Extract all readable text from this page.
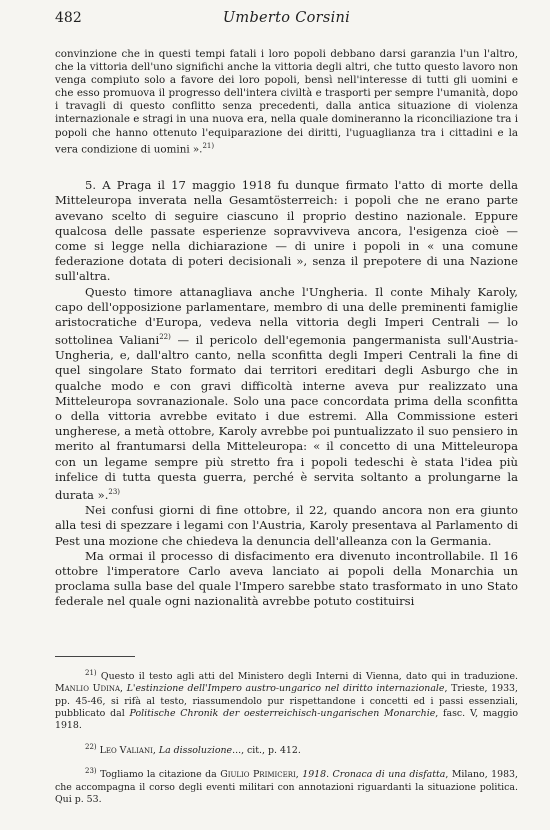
482	Umberto Corsini
convinzione che in questi tempi fatali i loro popoli debbano darsi garanzia l'un l'altro, che la vittoria dell'uno significhi anche la vittoria degli altri, che tutto questo lavoro non venga compiuto solo a favore dei loro popoli, bensì nell'interesse di tutti gli uomini e che esso promuova il progresso dell'intera civiltà e trasporti per sempre l'umanità, dopo i travagli di questo conflitto senza precedenti, dalla antica situazione di violenza internazionale e stragi in una nuova era, nella quale domineranno la riconciliazione tra i popoli che hanno ottenuto l'equiparazione dei diritti, l'uguaglianza tra i cittadini e la vera condizione di uomini ».$^{21)}$

5. A Praga il 17 maggio 1918 fu dunque firmato l'atto di morte della Mitteleuropa inverata nella Gesamtösterreich: i popoli che ne erano parte avevano scelto di seguire ciascuno il proprio destino nazionale. Eppure qualcosa delle passate esperienze sopravviveva ancora, l'esigenza cioè — come si legge nella dichiarazione — di unire i popoli in « una comune federazione dotata di poteri decisionali », senza il prepotere di una Nazione sull'altra.

Questo timore attanagliava anche l'Ungheria. Il conte Mihaly Karoly, capo dell'opposizione parlamentare, membro di una delle preminenti famiglie aristocratiche d'Europa, vedeva nella vittoria degli Imperi Centrali — lo sottolinea Valiani$^{22)}$ — il pericolo dell'egemonia pangermanista sull'Austria-Ungheria, e, dall'altro canto, nella sconfitta degli Imperi Centrali la fine di quel singolare Stato formato dai territori ereditari degli Asburgo che in qualche modo e con gravi difficoltà interne aveva pur realizzato una Mitteleuropa sovranazionale. Solo una pace concordata prima della sconfitta o della vittoria avrebbe evitato i due estremi. Alla Commissione esteri ungherese, a metà ottobre, Karoly avrebbe poi puntualizzato il suo pensiero in merito al frantumarsi della Mitteleuropa: « il concetto di una Mitteleuropa con un legame sempre più stretto fra i popoli tedeschi è stata l'idea più infelice di tutta questa guerra, perché è servita soltanto a prolungarne la durata ».$^{23)}$

Nei confusi giorni di fine ottobre, il 22, quando ancora non era giunto alla tesi di spezzare i legami con l'Austria, Karoly presentava al Parlamento di Pest una mozione che chiedeva la denuncia dell'alleanza con la Germania.

Ma ormai il processo di disfacimento era divenuto incontrollabile. Il 16 ottobre l'imperatore Carlo aveva lanciato ai popoli della Monarchia un proclama sulla base del quale l'Impero sarebbe stato trasformato in uno Stato federale nel quale ogni nazionalità avrebbe potuto costituirsi

$^{21)}$ Questo il testo agli atti del Ministero degli Interni di Vienna, dato qui in traduzione. Manlio Udina, L'estinzione dell'Impero austro-ungarico nel diritto internazionale, Trieste, 1933, pp. 45-46, si rifà al testo, riassumendolo pur rispettandone i concetti ed i passi essenziali, pubblicato dal Politische Chronik der oesterreichisch-ungarischen Monarchie, fasc. V, maggio 1918.

$^{22)}$ Leo Valiani, La dissoluzione..., cit., p. 412.

$^{23)}$ Togliamo la citazione da Giulio Primiceri, 1918. Cronaca di una disfatta, Milano, 1983, che accompagna il corso degli eventi militari con annotazioni riguardanti la situazione politica. Qui p. 53.
